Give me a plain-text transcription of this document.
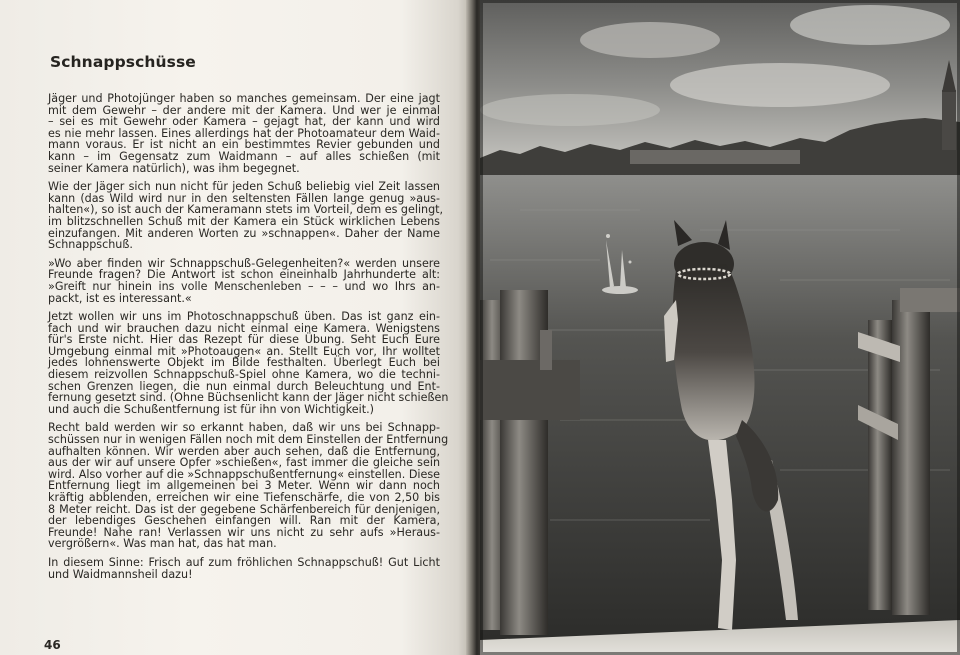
Schnappschüsse

Jäger und Photojünger haben so manches gemeinsam. Der eine jagt
mit dem Gewehr – der andere mit der Kamera. Und wer je einmal
– sei es mit Gewehr oder Kamera – gejagt hat, der kann und wird
es nie mehr lassen. Eines allerdings hat der Photoamateur dem Waid-
mann voraus. Er ist nicht an ein bestimmtes Revier gebunden und
kann – im Gegensatz zum Waidmann – auf alles schießen (mit
seiner Kamera natürlich), was ihm begegnet.

Wie der Jäger sich nun nicht für jeden Schuß beliebig viel Zeit lassen
kann (das Wild wird nur in den seltensten Fällen lange genug »aus-
halten«), so ist auch der Kameramann stets im Vorteil, dem es gelingt,
im blitzschnellen Schuß mit der Kamera ein Stück wirklichen Lebens
einzufangen. Mit anderen Worten zu »schnappen«. Daher der Name
Schnappschuß.

»Wo aber finden wir Schnappschuß-Gelegenheiten?« werden unsere
Freunde fragen? Die Antwort ist schon eineinhalb Jahrhunderte alt:
»Greift nur hinein ins volle Menschenleben – – – und wo Ihrs an-
packt, ist es interessant.«

Jetzt wollen wir uns im Photoschnappschuß üben. Das ist ganz ein-
fach und wir brauchen dazu nicht einmal eine Kamera. Wenigstens
für's Erste nicht. Hier das Rezept für diese Übung. Seht Euch Eure
Umgebung einmal mit »Photoaugen« an. Stellt Euch vor, Ihr wolltet
jedes lohnenswerte Objekt im Bilde festhalten. Überlegt Euch bei
diesem reizvollen Schnappschuß-Spiel ohne Kamera, wo die techni-
schen Grenzen liegen, die nun einmal durch Beleuchtung und Ent-
fernung gesetzt sind. (Ohne Büchsenlicht kann der Jäger nicht schießen
und auch die Schußentfernung ist für ihn von Wichtigkeit.)

Recht bald werden wir so erkannt haben, daß wir uns bei Schnapp-
schüssen nur in wenigen Fällen noch mit dem Einstellen der Entfernung
aufhalten können. Wir werden aber auch sehen, daß die Entfernung,
aus der wir auf unsere Opfer »schießen«, fast immer die gleiche sein
wird. Also vorher auf die »Schnappschußentfernung« einstellen. Diese
Entfernung liegt im allgemeinen bei 3 Meter. Wenn wir dann noch
kräftig abblenden, erreichen wir eine Tiefenschärfe, die von 2,50 bis
8 Meter reicht. Das ist der gegebene Schärfenbereich für denjenigen,
der lebendiges Geschehen einfangen will. Ran mit der Kamera,
Freunde! Nahe ran! Verlassen wir uns nicht zu sehr aufs »Heraus-
vergrößern«. Was man hat, das hat man.

In diesem Sinne: Frisch auf zum fröhlichen Schnappschuß! Gut Licht
und Waidmannsheil dazu!

46
